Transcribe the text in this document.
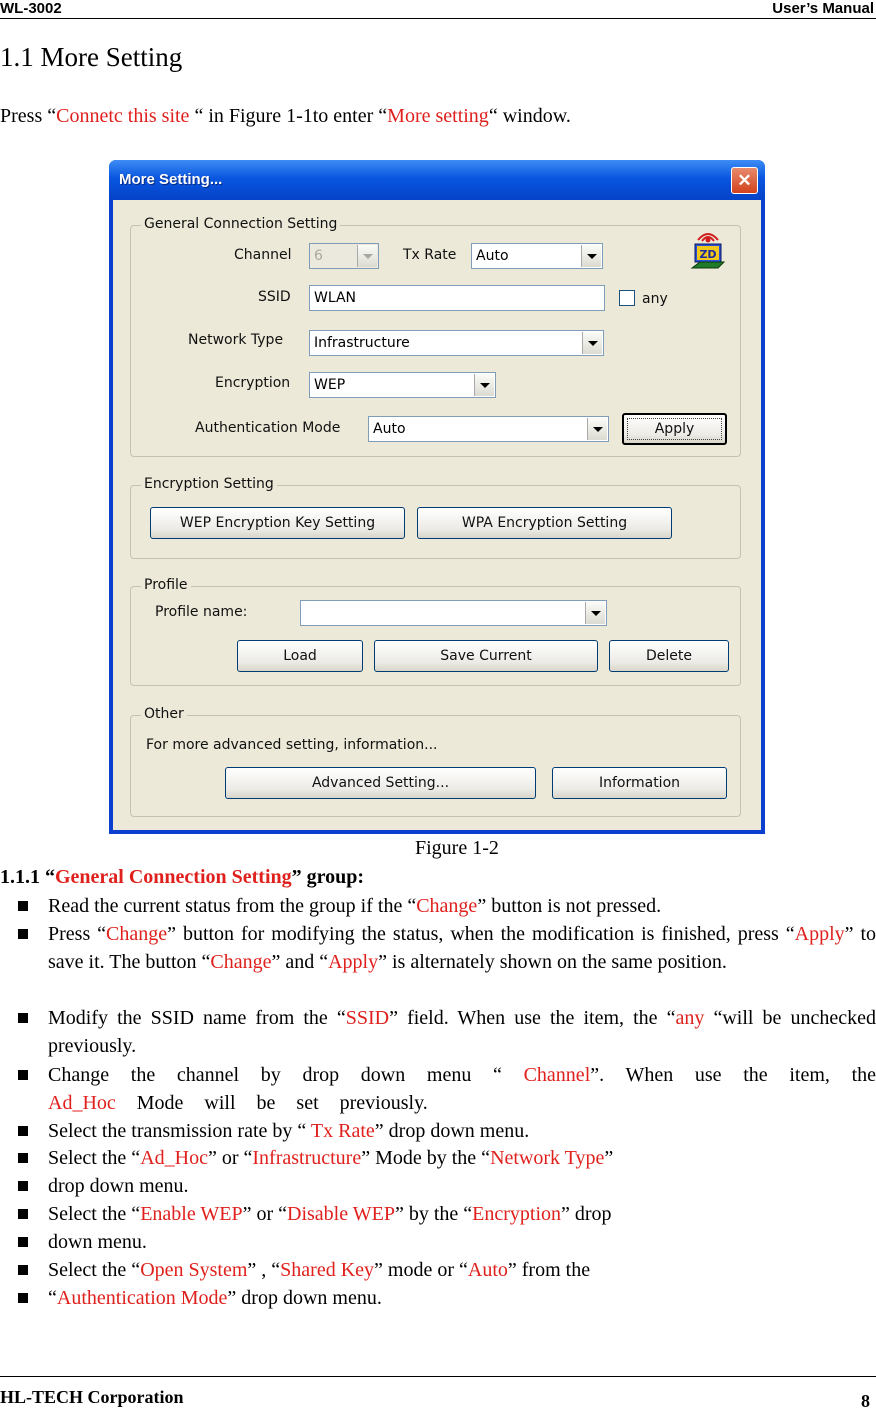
WL-3002	User’s Manual
1.1 More Setting
Press “Connetc this site “ in Figure 1-1to enter “More setting“ window.
More Setting...	✕
General Connection Setting
Channel	6	Tx Rate	Auto	ZD
SSID	WLAN	any
Network Type	Infrastructure
Encryption	WEP
Authentication Mode	Auto	Apply
Encryption Setting
WEP Encryption Key Setting	WPA Encryption Setting
Profile
Profile name:
Load	Save Current	Delete
Other
For more advanced setting, information...
Advanced Setting...	Information
Figure 1-2
1.1.1 “General Connection Setting” group:
Read the current status from the group if the “Change” button is not pressed.
Press “Change” button for modifying the status, when the modification is finished, press “Apply” to save it. The button “Change” and “Apply” is alternately shown on the same position.
Modify the SSID name from the “SSID” field. When use the item, the “any “will be unchecked previously.
Change the channel by drop down menu “ Channel”. When use the item, the Ad_Hoc Mode will be set previously.
Select the transmission rate by “ Tx Rate” drop down menu.
Select the “Ad_Hoc” or “Infrastructure” Mode by the “Network Type”
drop down menu.
Select the “Enable WEP” or “Disable WEP” by the “Encryption” drop
down menu.
Select the “Open System” , “Shared Key” mode or “Auto” from the
“Authentication Mode” drop down menu.
HL-TECH Corporation	8
